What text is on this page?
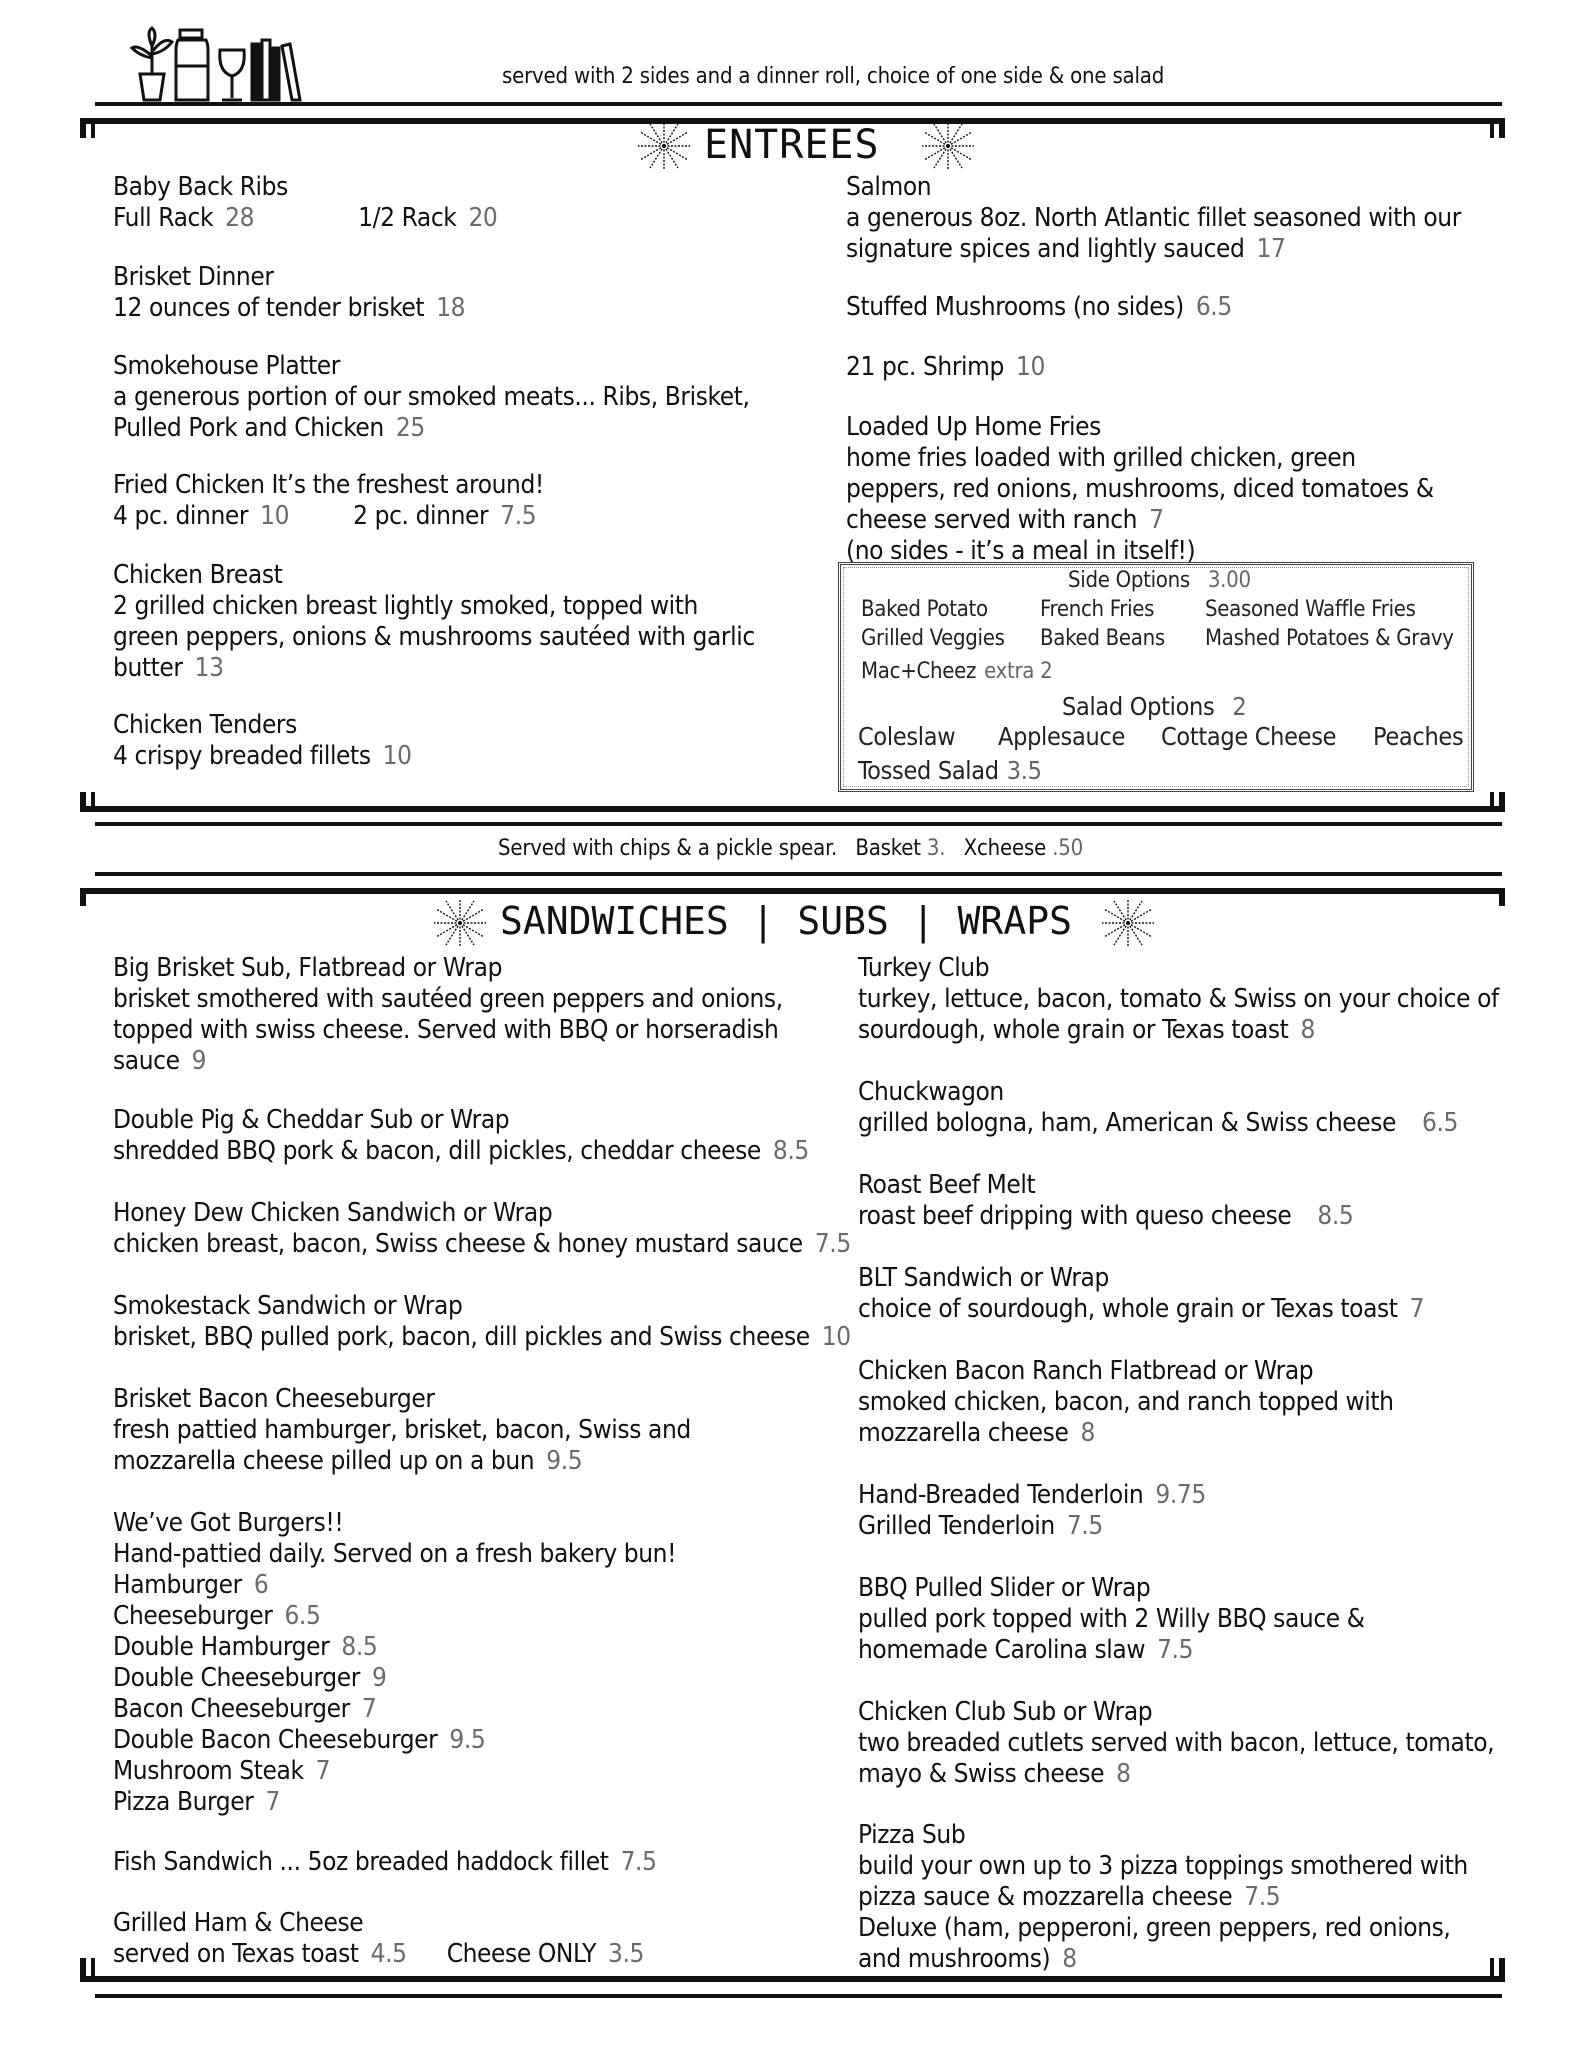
served with 2 sides and a dinner roll, choice of one side & one salad
ENTREES
Baby Back Ribs
Full Rack 28	1/2 Rack 20
Brisket Dinner
12 ounces of tender brisket 18
Smokehouse Platter
a generous portion of our smoked meats... Ribs, Brisket,
Pulled Pork and Chicken 25
Fried Chicken It’s the freshest around!
4 pc. dinner 10 2 pc. dinner 7.5
Chicken Breast
2 grilled chicken breast lightly smoked, topped with
green peppers, onions & mushrooms sautéed with garlic
butter 13
Chicken Tenders
4 crispy breaded fillets 10
Salmon
a generous 8oz. North Atlantic fillet seasoned with our
signature spices and lightly sauced 17
Stuffed Mushrooms (no sides) 6.5
21 pc. Shrimp 10
Loaded Up Home Fries
home fries loaded with grilled chicken, green
peppers, red onions, mushrooms, diced tomatoes &
cheese served with ranch 7
(no sides - it’s a meal in itself!)
Side Options 3.00
Baked Potato French Fries Seasoned Waffle Fries
Grilled Veggies Baked Beans Mashed Potatoes & Gravy
Mac+Cheez extra 2
Salad Options 2
Coleslaw Applesauce Cottage Cheese Peaches
Tossed Salad 3.5
Served with chips & a pickle spear. Basket 3. Xcheese .50
SANDWICHES | SUBS | WRAPS
Big Brisket Sub, Flatbread or Wrap
brisket smothered with sautéed green peppers and onions,
topped with swiss cheese. Served with BBQ or horseradish
sauce 9
Double Pig & Cheddar Sub or Wrap
shredded BBQ pork & bacon, dill pickles, cheddar cheese 8.5
Honey Dew Chicken Sandwich or Wrap
chicken breast, bacon, Swiss cheese & honey mustard sauce 7.5
Smokestack Sandwich or Wrap
brisket, BBQ pulled pork, bacon, dill pickles and Swiss cheese 10
Brisket Bacon Cheeseburger
fresh pattied hamburger, brisket, bacon, Swiss and
mozzarella cheese pilled up on a bun 9.5
We’ve Got Burgers!!
Hand-pattied daily. Served on a fresh bakery bun!
Hamburger 6
Cheeseburger 6.5
Double Hamburger 8.5
Double Cheeseburger 9
Bacon Cheeseburger 7
Double Bacon Cheeseburger 9.5
Mushroom Steak 7
Pizza Burger 7
Fish Sandwich ... 5oz breaded haddock fillet 7.5
Grilled Ham & Cheese
served on Texas toast 4.5 Cheese ONLY 3.5
Turkey Club
turkey, lettuce, bacon, tomato & Swiss on your choice of
sourdough, whole grain or Texas toast 8
Chuckwagon
grilled bologna, ham, American & Swiss cheese 6.5
Roast Beef Melt
roast beef dripping with queso cheese 8.5
BLT Sandwich or Wrap
choice of sourdough, whole grain or Texas toast 7
Chicken Bacon Ranch Flatbread or Wrap
smoked chicken, bacon, and ranch topped with
mozzarella cheese 8
Hand-Breaded Tenderloin 9.75
Grilled Tenderloin 7.5
BBQ Pulled Slider or Wrap
pulled pork topped with 2 Willy BBQ sauce &
homemade Carolina slaw 7.5
Chicken Club Sub or Wrap
two breaded cutlets served with bacon, lettuce, tomato,
mayo & Swiss cheese 8
Pizza Sub
build your own up to 3 pizza toppings smothered with
pizza sauce & mozzarella cheese 7.5
Deluxe (ham, pepperoni, green peppers, red onions,
and mushrooms) 8
